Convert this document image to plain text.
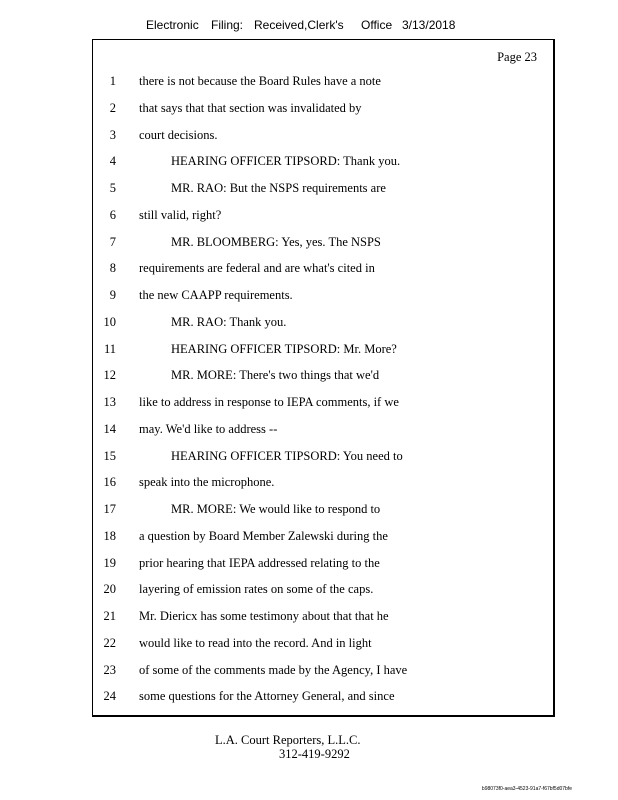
Electronic Filing: Received,Clerk's Office 3/13/2018
Page 23
1 there is not because the Board Rules have a note
2 that says that that section was invalidated by
3 court decisions.
4	HEARING OFFICER TIPSORD: Thank you.
5	MR. RAO: But the NSPS requirements are
6 still valid, right?
7	MR. BLOOMBERG: Yes, yes. The NSPS
8 requirements are federal and are what's cited in
9 the new CAAPP requirements.
10	MR. RAO: Thank you.
11	HEARING OFFICER TIPSORD: Mr. More?
12	MR. MORE: There's two things that we'd
13 like to address in response to IEPA comments, if we
14 may. We'd like to address --
15	HEARING OFFICER TIPSORD: You need to
16 speak into the microphone.
17	MR. MORE: We would like to respond to
18 a question by Board Member Zalewski during the
19 prior hearing that IEPA addressed relating to the
20 layering of emission rates on some of the caps.
21 Mr. Diericx has some testimony about that that he
22 would like to read into the record. And in light
23 of some of the comments made by the Agency, I have
24 some questions for the Attorney General, and since
L.A. Court Reporters, L.L.C.
312-419-9292
b98073f0-aea3-4523-91a7-f67bf5d07bfe
